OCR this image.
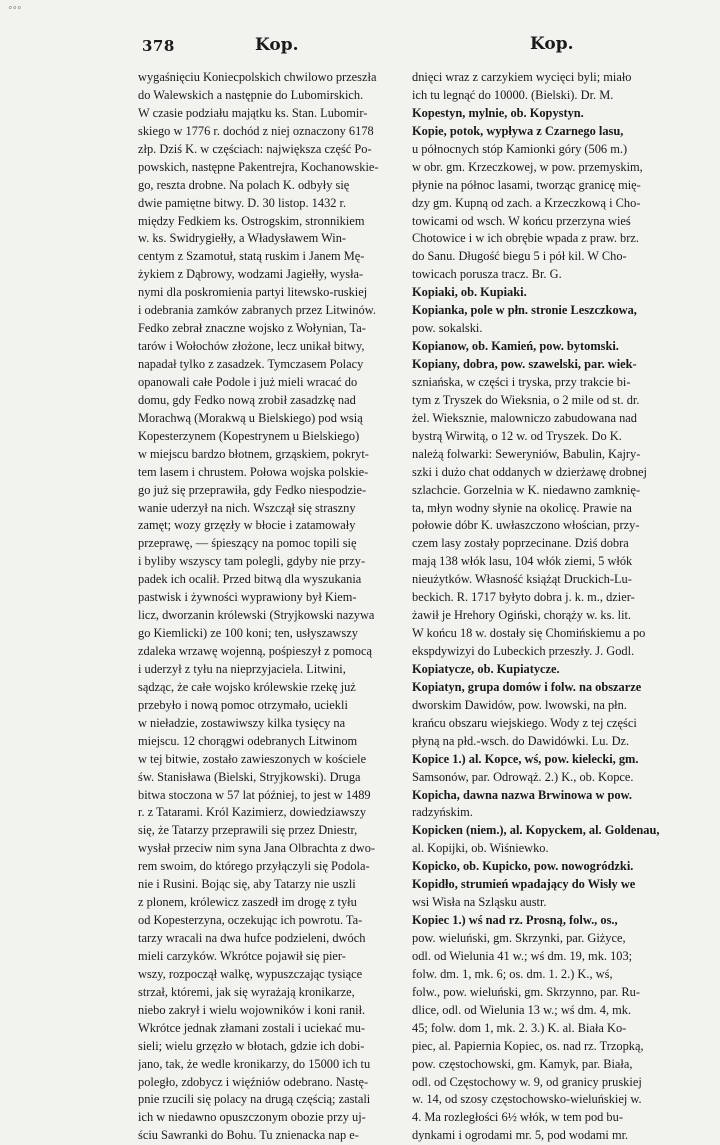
°°°
378	Kop.	Kop.
wygaśnięciu Koniecpolskich chwilowo przeszła
do Walewskich a następnie do Lubomirskich.
W czasie podziału majątku ks. Stan. Lubomir-
skiego w 1776 r. dochód z niej oznaczony 6178
złp. Dziś K. w częściach: największa część Po-
powskich, następne Pakentrejra, Kochanowskie-
go, reszta drobne. Na polach K. odbyły się
dwie pamiętne bitwy. D. 30 listop. 1432 r.
między Fedkiem ks. Ostrogskim, stronnikiem
w. ks. Swidrygiełły, a Władysławem Win-
centym z Szamotuł, statą ruskim i Janem Mę-
żykiem z Dąbrowy, wodzami Jagiełły, wysła-
nymi dla poskromienia partyi litewsko-ruskiej
i odebrania zamków zabranych przez Litwinów.
Fedko zebrał znaczne wojsko z Wołynian, Ta-
tarów i Wołochów złożone, lecz unikał bitwy,
napadał tylko z zasadzek. Tymczasem Polacy
opanowali całe Podole i już mieli wracać do
domu, gdy Fedko nową zrobił zasadzkę nad
Morachwą (Morakwą u Bielskiego) pod wsią
Kopesterzynem (Kopestrynem u Bielskiego)
w miejscu bardzo błotnem, grząskiem, pokryt-
tem lasem i chrustem. Połowa wojska polskie-
go już się przeprawiła, gdy Fedko niespodzie-
wanie uderzył na nich. Wszczął się straszny
zamęt; wozy grzęzły w błocie i zatamowały
przeprawę, — śpieszący na pomoc topili się
i byliby wszyscy tam polegli, gdyby nie przy-
padek ich ocalił. Przed bitwą dla wyszukania
pastwisk i żywności wyprawiony był Kiem-
licz, dworzanin królewski (Stryjkowski nazywa
go Kiemlicki) ze 100 koni; ten, usłyszawszy
zdaleka wrzawę wojenną, pośpieszył z pomocą
i uderzył z tyłu na nieprzyjaciela. Litwini,
sądząc, że całe wojsko królewskie rzekę już
przebyło i nową pomoc otrzymało, uciekli
w nieładzie, zostawiwszy kilka tysięcy na
miejscu. 12 chorągwi odebranych Litwinom
w tej bitwie, zostało zawieszonych w kościele
św. Stanisława (Bielski, Stryjkowski). Druga
bitwa stoczona w 57 lat później, to jest w 1489
r. z Tatarami. Król Kazimierz, dowiedziawszy
się, że Tatarzy przeprawili się przez Dniestr,
wysłał przeciw nim syna Jana Olbrachta z dwo-
rem swoim, do którego przyłączyli się Podola-
nie i Rusini. Bojąc się, aby Tatarzy nie uszli
z plonem, królewicz zaszedł im drogę z tyłu
od Kopesterzyna, oczekując ich powrotu. Ta-
tarzy wracali na dwa hufce podzieleni, dwóch
mieli carzyków. Wkrótce pojawił się pier-
wszy, rozpoczął walkę, wypuszczając tysiące
strzał, któremi, jak się wyrażają kronikarze,
niebo zakrył i wielu wojowników i koni ranił.
Wkrótce jednak złamani zostali i uciekać mu-
sieli; wielu grzęzło w błotach, gdzie ich dobi-
jano, tak, że wedle kronikarzy, do 15000 ich tu
poległo, zdobycz i więźniów odebrano. Nastę-
pnie rzucili się polacy na drugą częścią; zastali
ich w niedawno opuszczonym obozie przy uj-
ściu Sawranki do Bohu. Tu znienacka nap e-
dnięci wraz z carzykiem wycięci byli; miało
ich tu legnąć do 10000. (Bielski). Dr. M.
Kopestyn, mylnie, ob. Kopystyn.
Kopie, potok, wypływa z Czarnego lasu,
u północnych stóp Kamionki góry (506 m.)
w obr. gm. Krzeczkowej, w pow. przemyskim,
płynie na północ lasami, tworząc granicę mię-
dzy gm. Kupną od zach. a Krzeczkową i Cho-
towicami od wsch. W końcu przerzyna wieś
Chotowice i w ich obrębie wpada z praw. brz.
do Sanu. Długość biegu 5 i pół kil. W Cho-
towicach porusza tracz. Br. G.
Kopiaki, ob. Kupiaki.
Kopianka, pole w płn. stronie Leszczkowa,
pow. sokalski.
Kopianow, ob. Kamień, pow. bytomski.
Kopiany, dobra, pow. szawelski, par. wiek-
szniańska, w części i tryska, przy trakcie bi-
tym z Tryszek do Wieksnia, o 2 mile od st. dr.
żel. Wieksznie, malowniczo zabudowana nad
bystrą Wirwitą, o 12 w. od Tryszek. Do K.
należą folwarki: Seweryniów, Babulin, Kajry-
szki i dużo chat oddanych w dzierżawę drobnej
szlachcie. Gorzelnia w K. niedawno zamknię-
ta, młyn wodny słynie na okolicę. Prawie na
połowie dóbr K. uwłaszczono włościan, przy-
czem lasy zostały poprzecinane. Dziś dobra
mają 138 włók lasu, 104 włók ziemi, 5 włók
nieużytków. Własność książąt Druckich-Lu-
beckich. R. 1717 byłyto dobra j. k. m., dzier-
żawił je Hrehory Ogiński, chorąży w. ks. lit.
W końcu 18 w. dostały się Chomińskiemu a po
ekspdywizyi do Lubeckich przeszły. J. Godl.
Kopiatycze, ob. Kupiatycze.
Kopiatyn, grupa domów i folw. na obszarze
dworskim Dawidów, pow. lwowski, na płn.
krańcu obszaru wiejskiego. Wody z tej części
płyną na płd.-wsch. do Dawidówki. Lu. Dz.
Kopice 1.) al. Kopce, wś, pow. kielecki, gm.
Samsonów, par. Odrowąż. 2.) K., ob. Kopce.
Kopicha, dawna nazwa Brwinowa w pow.
radzyńskim.
Kopicken (niem.), al. Kopyckem, al. Goldenau,
al. Kopijki, ob. Wiśniewko.
Kopicko, ob. Kupicko, pow. nowogródzki.
Kopidło, strumień wpadający do Wisły we
wsi Wisła na Szląsku austr.
Kopiec 1.) wś nad rz. Prosną, folw., os.,
pow. wieluński, gm. Skrzynki, par. Giżyce,
odl. od Wielunia 41 w.; wś dm. 19, mk. 103;
folw. dm. 1, mk. 6; os. dm. 1. 2.) K., wś,
folw., pow. wieluński, gm. Skrzynno, par. Ru-
dlice, odl. od Wielunia 13 w.; wś dm. 4, mk.
45; folw. dom 1, mk. 2. 3.) K. al. Biała Ko-
piec, al. Papiernia Kopiec, os. nad rz. Trzopką,
pow. częstochowski, gm. Kamyk, par. Biała,
odl. od Częstochowy w. 9, od granicy pruskiej
w. 14, od szosy częstochowsko-wieluńskiej w.
4. Ma rozległości 6½ włók, w tem pod bu-
dynkami i ogrodami mr. 5, pod wodami mr.
